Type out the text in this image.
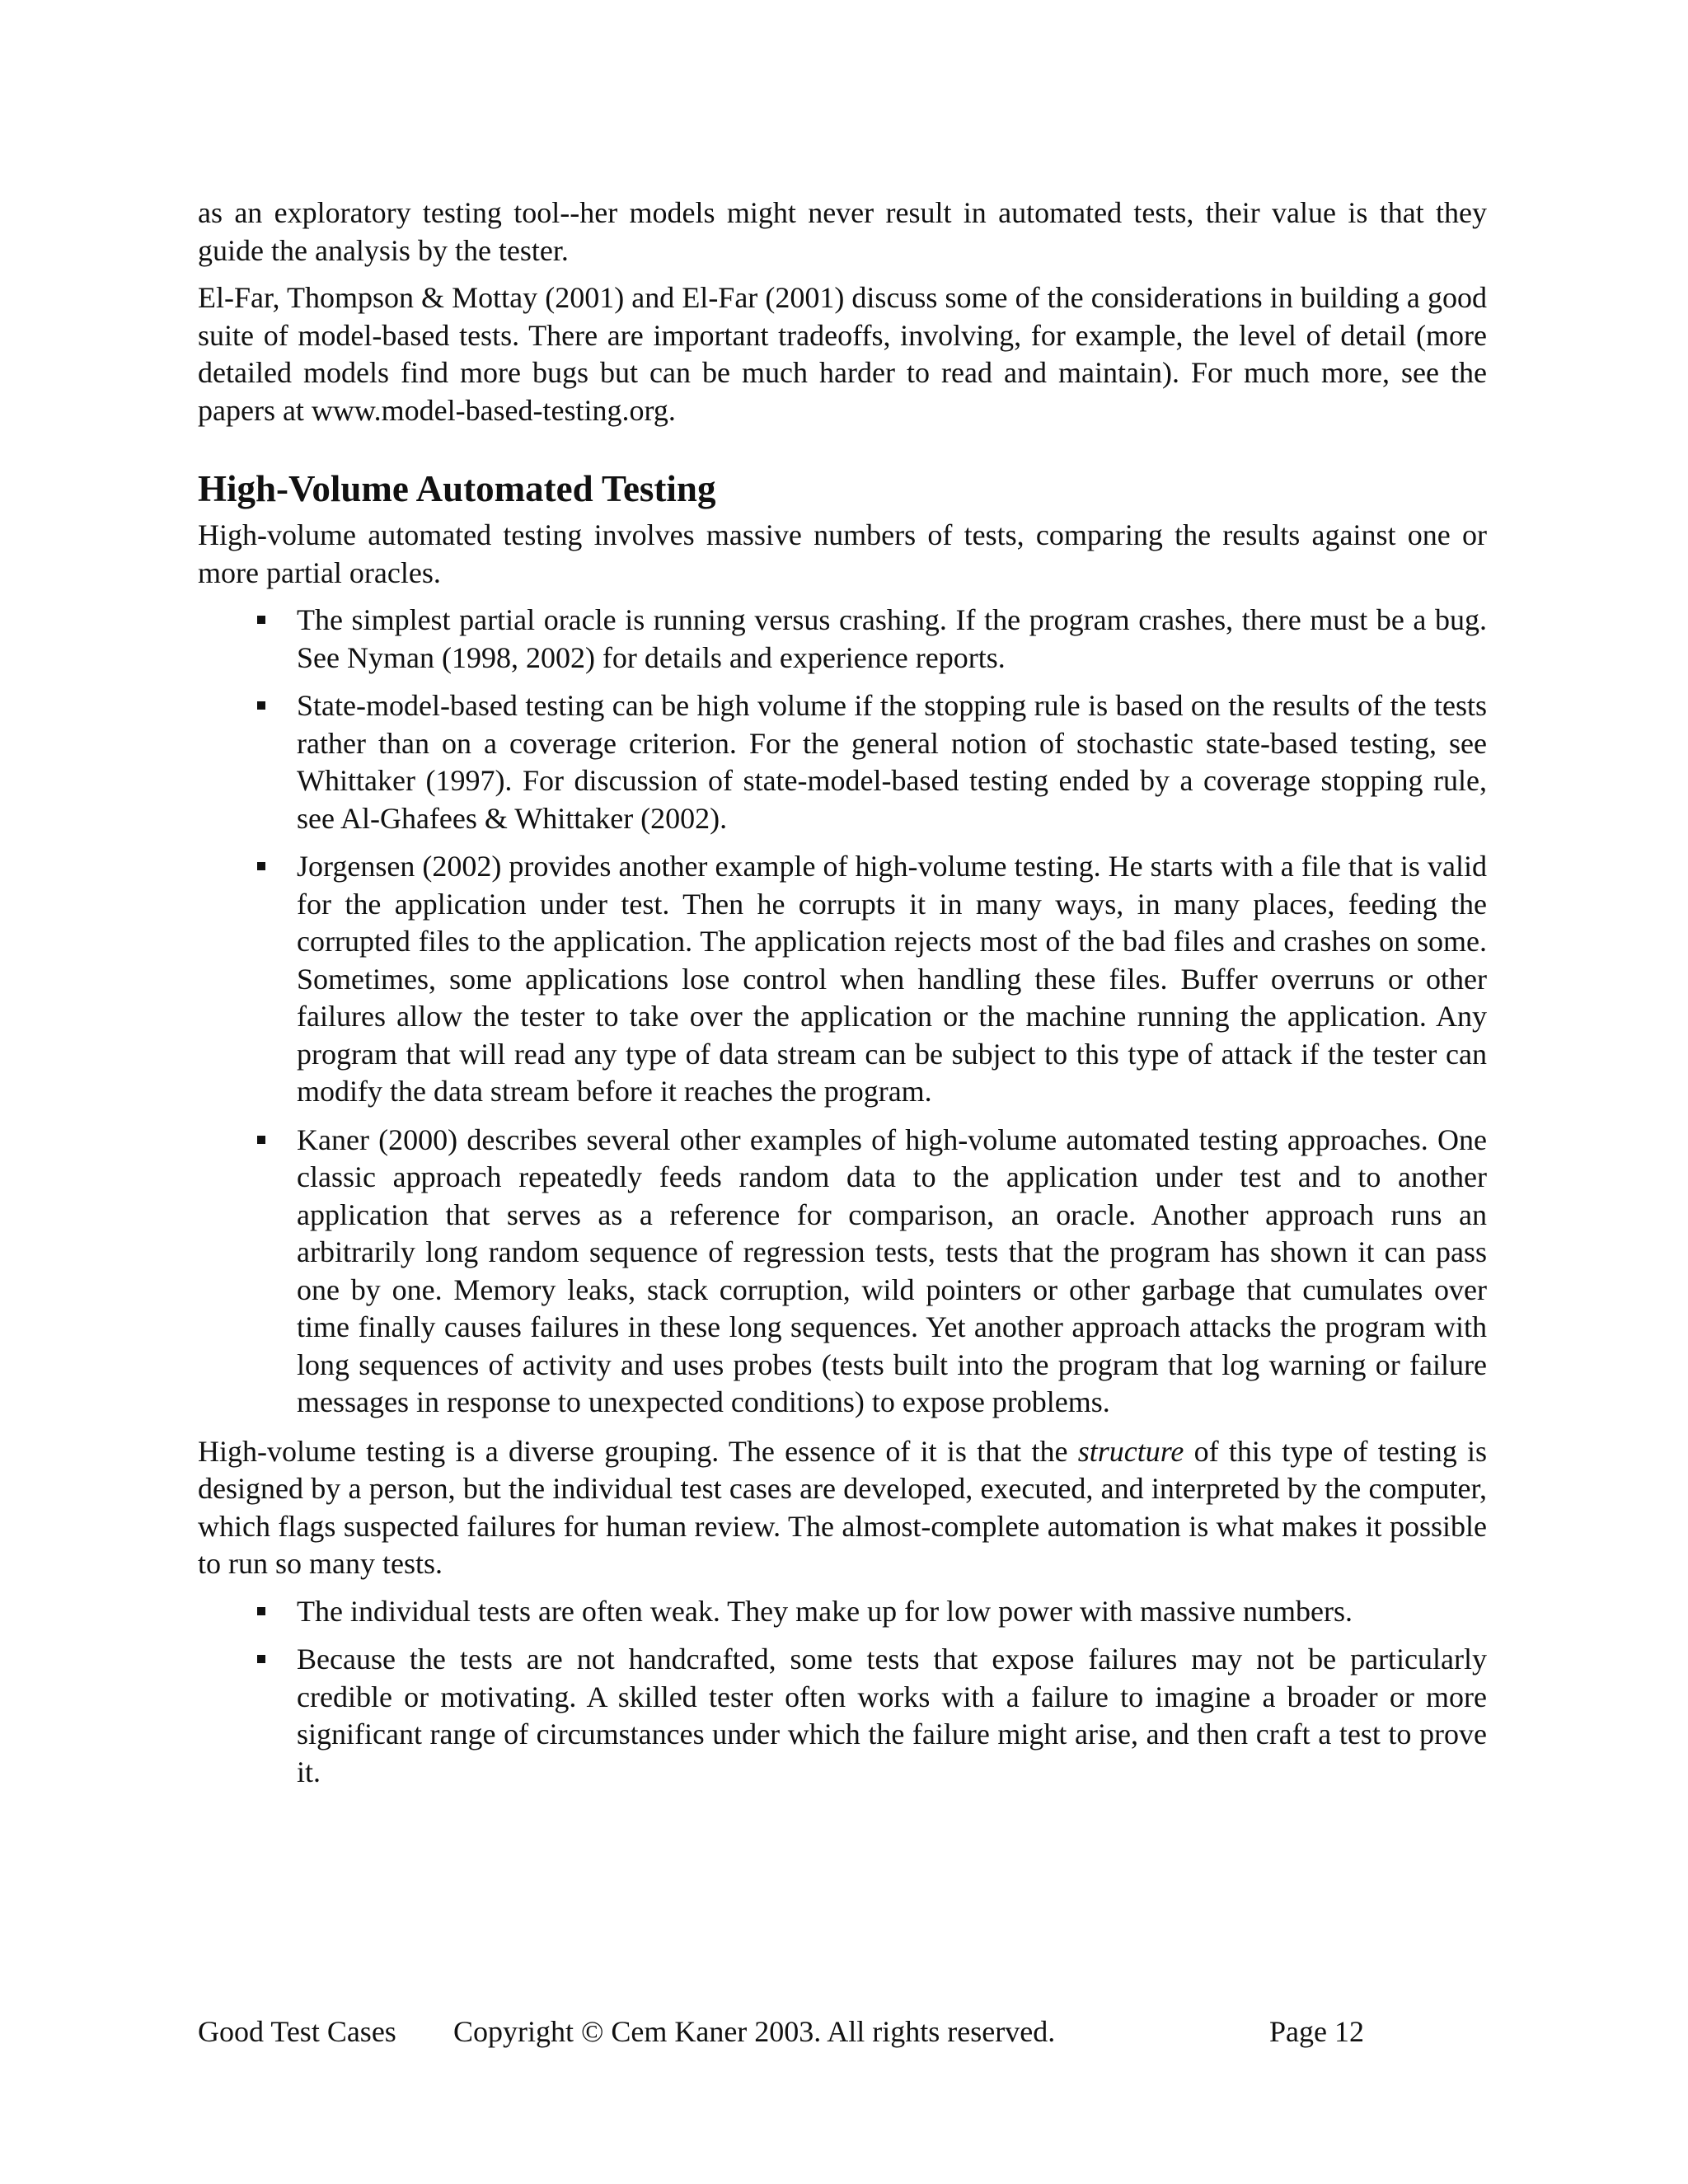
as an exploratory testing tool--her models might never result in automated tests, their value is that they guide the analysis by the tester.

El-Far, Thompson & Mottay (2001) and El-Far (2001) discuss some of the considerations in building a good suite of model-based tests. There are important tradeoffs, involving, for example, the level of detail (more detailed models find more bugs but can be much harder to read and maintain). For much more, see the papers at www.model-based-testing.org.

High-Volume Automated Testing

High-volume automated testing involves massive numbers of tests, comparing the results against one or more partial oracles.

The simplest partial oracle is running versus crashing. If the program crashes, there must be a bug. See Nyman (1998, 2002) for details and experience reports.
State-model-based testing can be high volume if the stopping rule is based on the results of the tests rather than on a coverage criterion. For the general notion of stochastic state-based testing, see Whittaker (1997). For discussion of state-model-based testing ended by a coverage stopping rule, see Al-Ghafees & Whittaker (2002).
Jorgensen (2002) provides another example of high-volume testing. He starts with a file that is valid for the application under test. Then he corrupts it in many ways, in many places, feeding the corrupted files to the application. The application rejects most of the bad files and crashes on some. Sometimes, some applications lose control when handling these files. Buffer overruns or other failures allow the tester to take over the application or the machine running the application. Any program that will read any type of data stream can be subject to this type of attack if the tester can modify the data stream before it reaches the program.
Kaner (2000) describes several other examples of high-volume automated testing approaches. One classic approach repeatedly feeds random data to the application under test and to another application that serves as a reference for comparison, an oracle. Another approach runs an arbitrarily long random sequence of regression tests, tests that the program has shown it can pass one by one. Memory leaks, stack corruption, wild pointers or other garbage that cumulates over time finally causes failures in these long sequences. Yet another approach attacks the program with long sequences of activity and uses probes (tests built into the program that log warning or failure messages in response to unexpected conditions) to expose problems.

High-volume testing is a diverse grouping. The essence of it is that the structure of this type of testing is designed by a person, but the individual test cases are developed, executed, and interpreted by the computer, which flags suspected failures for human review. The almost-complete automation is what makes it possible to run so many tests.

The individual tests are often weak. They make up for low power with massive numbers.
Because the tests are not handcrafted, some tests that expose failures may not be particularly credible or motivating. A skilled tester often works with a failure to imagine a broader or more significant range of circumstances under which the failure might arise, and then craft a test to prove it.
Good Test Cases Copyright © Cem Kaner 2003. All rights reserved.	Page 12
